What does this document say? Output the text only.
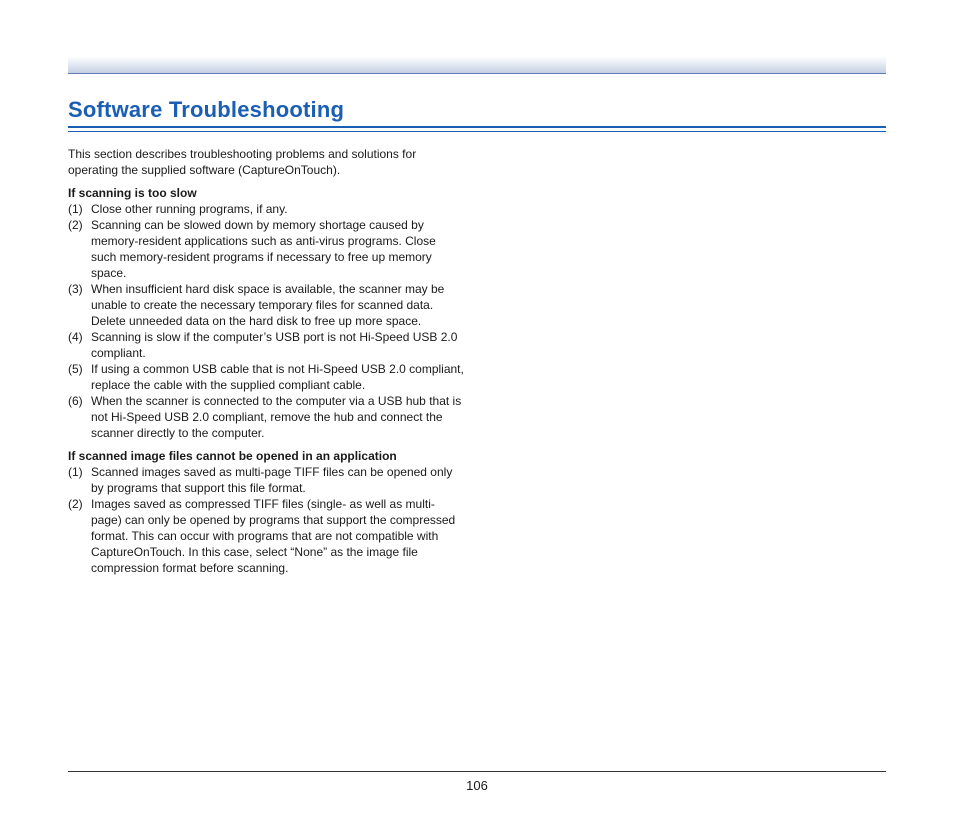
Software Troubleshooting

This section describes troubleshooting problems and solutions for operating the supplied software (CaptureOnTouch).

If scanning is too slow

(1) Close other running programs, if any.
(2) Scanning can be slowed down by memory shortage caused by memory-resident applications such as anti-virus programs. Close such memory-resident programs if necessary to free up memory space.
(3) When insufficient hard disk space is available, the scanner may be unable to create the necessary temporary files for scanned data. Delete unneeded data on the hard disk to free up more space.
(4) Scanning is slow if the computer’s USB port is not Hi-Speed USB 2.0 compliant.
(5) If using a common USB cable that is not Hi-Speed USB 2.0 compliant, replace the cable with the supplied compliant cable.
(6) When the scanner is connected to the computer via a USB hub that is not Hi-Speed USB 2.0 compliant, remove the hub and connect the scanner directly to the computer.

If scanned image files cannot be opened in an application

(1) Scanned images saved as multi-page TIFF files can be opened only by programs that support this file format.
(2) Images saved as compressed TIFF files (single- as well as multi-page) can only be opened by programs that support the compressed format. This can occur with programs that are not compatible with CaptureOnTouch. In this case, select “None” as the image file compression format before scanning.
106
